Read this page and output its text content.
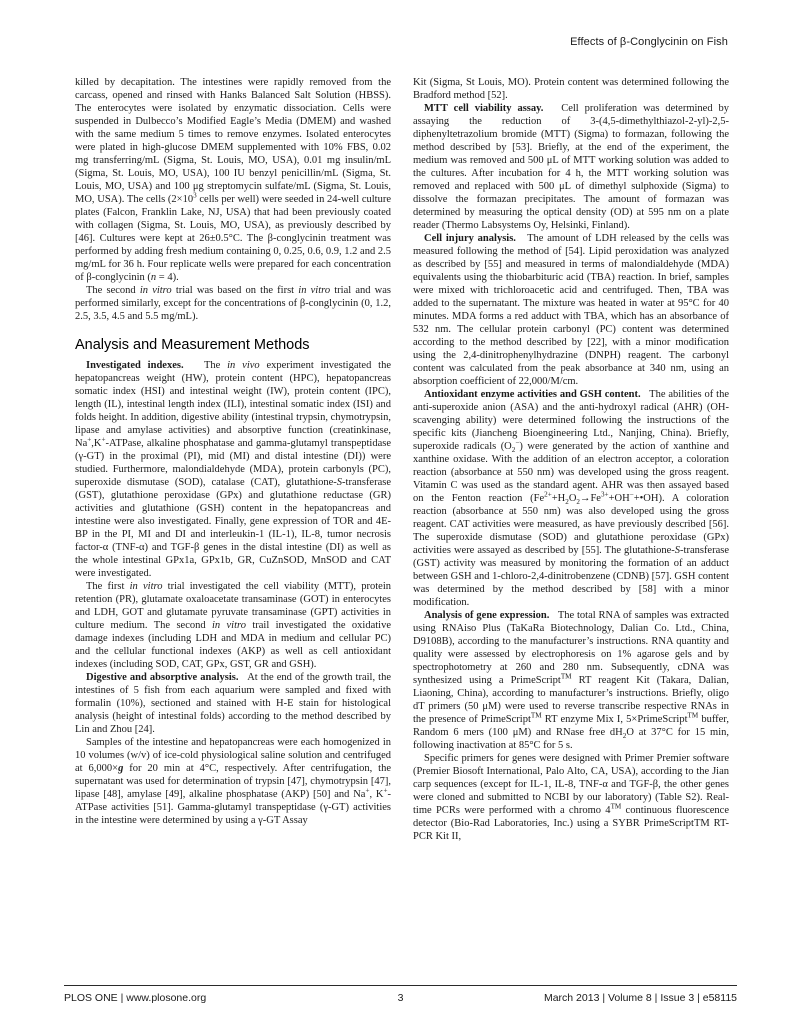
Effects of β-Conglycinin on Fish

killed by decapitation. The intestines were rapidly removed from the carcass, opened and rinsed with Hanks Balanced Salt Solution (HBSS). The enterocytes were isolated by enzymatic dissociation. Cells were suspended in Dulbecco’s Modified Eagle’s Media (DMEM) and washed with the same medium 5 times to remove enzymes. Isolated enterocytes were plated in high-glucose DMEM supplemented with 10% FBS, 0.02 mg transferring/mL (Sigma, St. Louis, MO, USA), 0.01 mg insulin/mL (Sigma, St. Louis, MO, USA), 100 IU benzyl penicillin/mL (Sigma, St. Louis, MO, USA) and 100 μg streptomycin sulfate/mL (Sigma, St. Louis, MO, USA). The cells ($2\times 10^3$ cells per well) were seeded in 24-well culture plates (Falcon, Franklin Lake, NJ, USA) that had been previously coated with collagen (Sigma, St. Louis, MO, USA), as previously described by [46]. Cultures were kept at 26±0.5°C. The β-conglycinin treatment was performed by adding fresh medium containing 0, 0.25, 0.6, 0.9, 1.2 and 2.5 mg/mL for 36 h. Four replicate wells were prepared for each concentration of β-conglycinin (n = 4).

The second in vitro trial was based on the first in vitro trial and was performed similarly, except for the concentrations of β-conglycinin (0, 1.2, 2.5, 3.5, 4.5 and 5.5 mg/mL).

Analysis and Measurement Methods

Investigated indexes.   The in vivo experiment investigated the hepatopancreas weight (HW), protein content (HPC), hepatopancreas somatic index (HSI) and intestinal weight (IW), protein content (IPC), length (IL), intestinal length index (ILI), intestinal somatic index (ISI) and folds height. In addition, digestive ability (intestinal trypsin, chymotrypsin, lipase and amylase activities) and absorptive function (creatinkinase, Na+,K+-ATPase, alkaline phosphatase and gamma-glutamyl transpeptidase (γ-GT) in the proximal (PI), mid (MI) and distal intestine (DI)) were studied. Furthermore, malondialdehyde (MDA), protein carbonyls (PC), superoxide dismutase (SOD), catalase (CAT), glutathione-S-transferase (GST), glutathione peroxidase (GPx) and glutathione reductase (GR) activities and glutathione (GSH) content in the hepatopancreas and intestine were also investigated. Finally, gene expression of TOR and 4E-BP in the PI, MI and DI and interleukin-1 (IL-1), IL-8, tumor necrosis factor-α (TNF-α) and TGF-β genes in the distal intestine (DI) as well as the whole intestinal GPx1a, GPx1b, GR, CuZnSOD, MnSOD and CAT were investigated.

The first in vitro trial investigated the cell viability (MTT), protein retention (PR), glutamate oxaloacetate transaminase (GOT) in enterocytes and LDH, GOT and glutamate pyruvate transaminase (GPT) activities in culture medium. The second in vitro trail investigated the oxidative damage indexes (including LDH and MDA in medium and cellular PC) and the cellular functional indexes (AKP) as well as cell antioxidant indexes (including SOD, CAT, GPx, GST, GR and GSH).

Digestive and absorptive analysis.   At the end of the growth trail, the intestines of 5 fish from each aquarium were sampled and fixed with formalin (10%), sectioned and stained with H-E stain for histological analysis (height of intestinal folds) according to the method described by Lin and Zhou [24].

Samples of the intestine and hepatopancreas were each homogenized in 10 volumes (w/v) of ice-cold physiological saline solution and centrifuged at 6,000×g for 20 min at 4°C, respectively. After centrifugation, the supernatant was used for determination of trypsin [47], chymotrypsin [47], lipase [48], amylase [49], alkaline phosphatase (AKP) [50] and Na+, K+-ATPase activities [51]. Gamma-glutamyl transpeptidase (γ-GT) activities in the intestine were determined by using a γ-GT Assay

Kit (Sigma, St Louis, MO). Protein content was determined following the Bradford method [52].

MTT cell viability assay.   Cell proliferation was determined by assaying the reduction of 3-(4,5-dimethylthiazol-2-yl)-2,5-diphenyltetrazolium bromide (MTT) (Sigma) to formazan, following the method described by [53]. Briefly, at the end of the experiment, the medium was removed and 500 μL of MTT working solution was added to the cultures. After incubation for 4 h, the MTT working solution was removed and replaced with 500 μL of dimethyl sulphoxide (Sigma) to dissolve the formazan precipitates. The amount of formazan was determined by measuring the optical density (OD) at 595 nm on a plate reader (Thermo Labsystems Oy, Helsinki, Finland).

Cell injury analysis.   The amount of LDH released by the cells was measured following the method of [54]. Lipid peroxidation was analyzed as described by [55] and measured in terms of malondialdehyde (MDA) equivalents using the thiobarbituric acid (TBA) reaction. In brief, samples were mixed with trichloroacetic acid and centrifuged. Then, TBA was added to the supernatant. The mixture was heated in water at 95°C for 40 minutes. MDA forms a red adduct with TBA, which has an absorbance of 532 nm. The cellular protein carbonyl (PC) content was determined according to the method described by [22], with a minor modification using the 2,4-dinitrophenylhydrazine (DNPH) reagent. The carbonyl content was calculated from the peak absorbance at 340 nm, using an absorption coefficient of 22,000/M/cm.

Antioxidant enzyme activities and GSH content.   The abilities of the anti-superoxide anion (ASA) and the anti-hydroxyl radical (AHR) (OH-scavenging ability) were determined following the instructions of the specific kits (Jiancheng Bioengineering Ltd., Nanjing, China). Briefly, superoxide radicals $(O_2^-)$ were generated by the action of xanthine and xanthine oxidase. With the addition of an electron acceptor, a coloration reaction (absorbance at 550 nm) was developed using the gross reagent. Vitamin C was used as the standard agent. AHR was then assayed based on the Fenton reaction $(Fe^{2+}+H_2O_2\to Fe^{3+}+OH^-+•OH)$. A coloration reaction (absorbance at 550 nm) was also developed using the gross reagent. CAT activities were measured, as have previously described [56]. The superoxide dismutase (SOD) and glutathione peroxidase (GPx) activities were assayed as described by [55]. The glutathione-S-transferase (GST) activity was measured by monitoring the formation of an adduct between GSH and 1-chloro-2,4-dinitrobenzene (CDNB) [57]. GSH content was determined by the method described by [58] with a minor modification.

Analysis of gene expression.   The total RNA of samples was extracted using RNAiso Plus (TaKaRa Biotechnology, Dalian Co. Ltd., China, D9108B), according to the manufacturer’s instructions. RNA quantity and quality were assessed by electrophoresis on 1% agarose gels and by spectrophotometry at 260 and 280 nm. Subsequently, cDNA was synthesized using a PrimeScript™ RT reagent Kit (Takara, Dalian, Liaoning, China), according to manufacturer’s instructions. Briefly, oligo dT primers (50 μM) were used to reverse transcribe respective RNAs in the presence of PrimeScript™ RT enzyme Mix I, 5×PrimeScript™ buffer, Random 6 mers (100 μM) and RNase free $dH_2O$ at 37°C for 15 min, following inactivation at 85°C for 5 s.

Specific primers for genes were designed with Primer Premier software (Premier Biosoft International, Palo Alto, CA, USA), according to the Jian carp sequences (except for IL-1, IL-8, TNF-α and TGF-β, the other genes were cloned and submitted to NCBI by our laboratory) (Table S2). Real-time PCRs were performed with a chromo 4™ continuous fluorescence detector (Bio-Rad Laboratories, Inc.) using a SYBR PrimeScriptTM RT-PCR Kit II,

PLOS ONE | www.plosone.org	3	March 2013 | Volume 8 | Issue 3 | e58115
